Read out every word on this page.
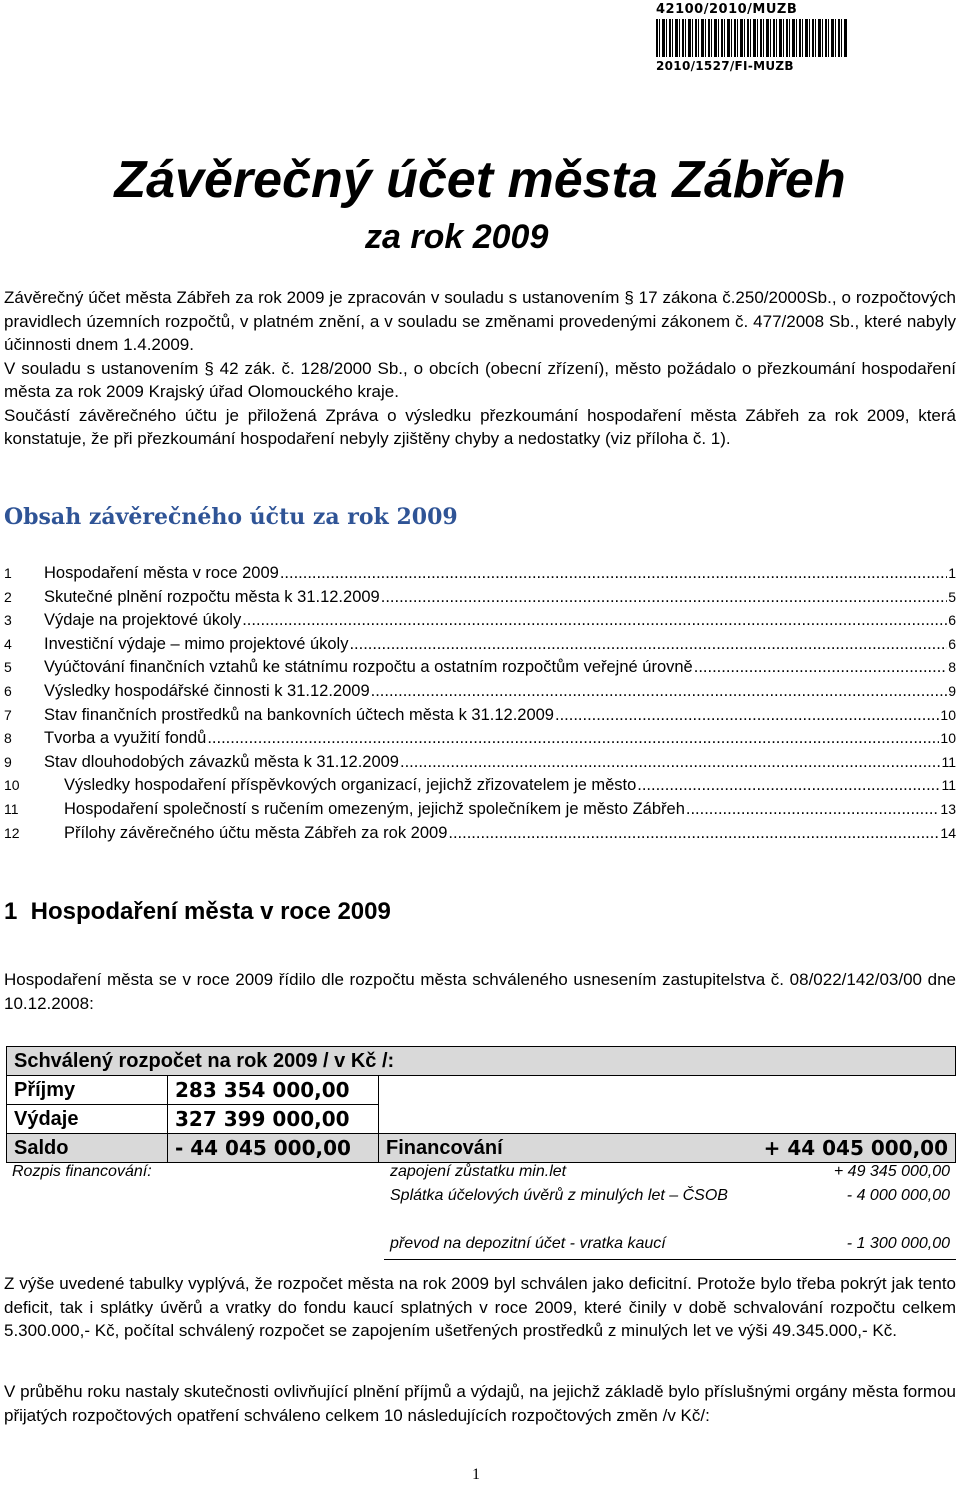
42100/2010/MUZB
2010/1527/FI-MUZB
Závěrečný účet města Zábřeh
za rok 2009

Závěrečný účet města Zábřeh za rok 2009 je zpracován v souladu s ustanovením § 17 zákona č.250/2000Sb., o rozpočtových pravidlech územních rozpočtů, v platném znění, a v souladu se změnami provedenými zákonem č. 477/2008 Sb., které nabyly účinnosti dnem 1.4.2009.

V souladu s ustanovením § 42 zák. č. 128/2000 Sb., o obcích (obecní zřízení), město požádalo o přezkoumání hospodaření města za rok 2009 Krajský úřad Olomouckého kraje.

Součástí závěrečného účtu je přiložená Zpráva o výsledku přezkoumání hospodaření města Zábřeh za rok 2009, která konstatuje, že při přezkoumání hospodaření nebyly zjištěny chyby a nedostatky (viz příloha č. 1).

Obsah závěrečného účtu za rok 2009
1	Hospodaření města v roce 2009 .....	1
2	Skutečné plnění rozpočtu města k 31.12.2009 .....	5
3	Výdaje na projektové úkoly .....	6
4	Investiční výdaje – mimo projektové úkoly .....	6
5	Vyúčtování finančních vztahů ke státnímu rozpočtu a ostatním rozpočtům veřejné úrovně .....	8
6	Výsledky hospodářské činnosti k 31.12.2009 .....	9
7	Stav finančních prostředků na bankovních účtech města k 31.12.2009 .....	10
8	Tvorba a využití fondů .....	10
9	Stav dlouhodobých závazků města k 31.12.2009 .....	11
10	Výsledky hospodaření příspěvkových organizací, jejichž zřizovatelem je město .....	11
11	Hospodaření společností s ručením omezeným, jejichž společníkem je město Zábřeh .....	13
12	Přílohy závěrečného účtu města Zábřeh za rok 2009 .....	14
1  Hospodaření města v roce 2009

Hospodaření města se v roce 2009 řídilo dle rozpočtu města schváleného usnesením zastupitelstva č. 08/022/142/03/00 dne 10.12.2008:

Schválený rozpočet na rok 2009 / v Kč /:			
Příjmy	283 354 000,00		
Výdaje	327 399 000,00		
Saldo	- 44 045 000,00	Financování	+ 44 045 000,00
Rozpis financování:	zapojení zůstatku min.let	+ 49 345 000,00
	Splátka účelových úvěrů z minulých let – ČSOB	- 4 000 000,00
	převod na depozitní účet - vratka kaucí	- 1 300 000,00

Z výše uvedené tabulky vyplývá, že rozpočet města na rok 2009 byl schválen jako deficitní. Protože bylo třeba pokrýt jak tento deficit, tak i splátky úvěrů a vratky do fondu kaucí splatných v roce 2009, které činily v době schvalování rozpočtu celkem 5.300.000,- Kč, počítal schválený rozpočet se zapojením ušetřených prostředků z minulých let ve výši 49.345.000,- Kč.

V průběhu roku nastaly skutečnosti ovlivňující plnění příjmů a výdajů, na jejichž základě bylo příslušnými orgány města formou přijatých rozpočtových opatření schváleno celkem 10 následujících rozpočtových změn /v Kč/:

1
